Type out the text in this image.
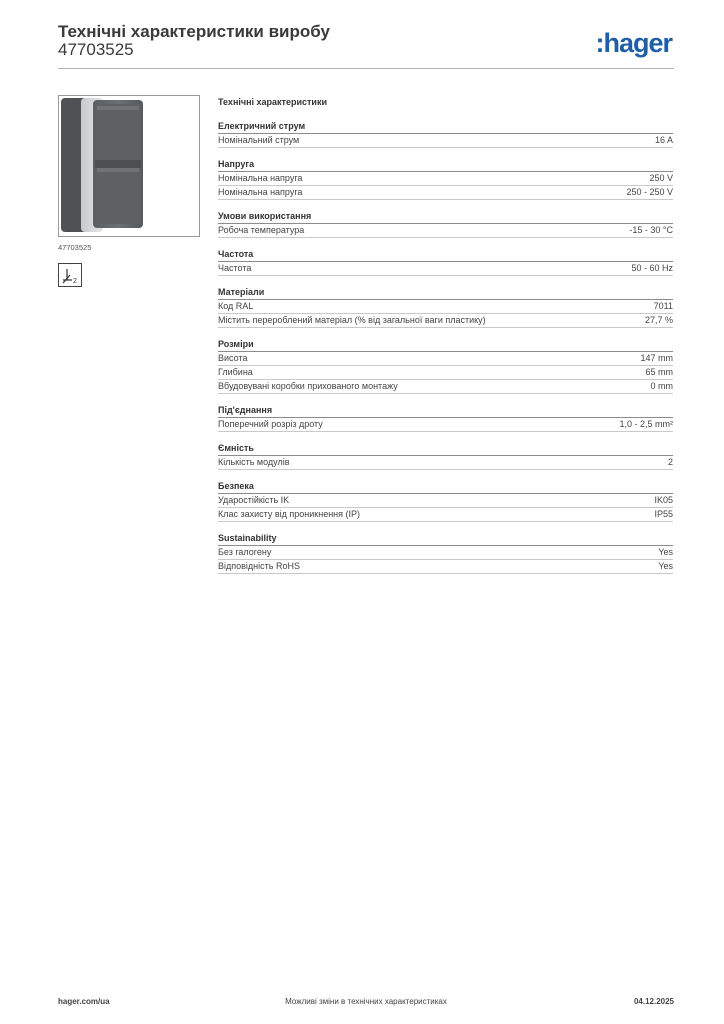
Технічні характеристики виробу
47703525	:hager
47703525
2
Технічні характеристики
Електричний струм
Номінальний струм	16 A
Напруга
Номінальна напруга	250 V
Номінальна напруга	250 - 250 V
Умови використання
Робоча температура	-15 - 30 °C
Частота
Частота	50 - 60 Hz
Матеріали
Код RAL	7011
Містить перероблений матеріал (% від загальної ваги пластику)	27,7 %
Розміри
Висота	147 mm
Глибина	65 mm
Вбудовувані коробки прихованого монтажу	0 mm
Під'єднання
Поперечний розріз дроту	1,0 - 2,5 mm²
Ємність
Кількість модулів	2
Безпека
Ударостійкість IK	IK05
Клас захисту від проникнення (IP)	IP55
Sustainability
Без галогену	Yes
Відповідність RoHS	Yes
Можливі зміни в технічних характеристиках
hager.com/ua	04.12.2025
